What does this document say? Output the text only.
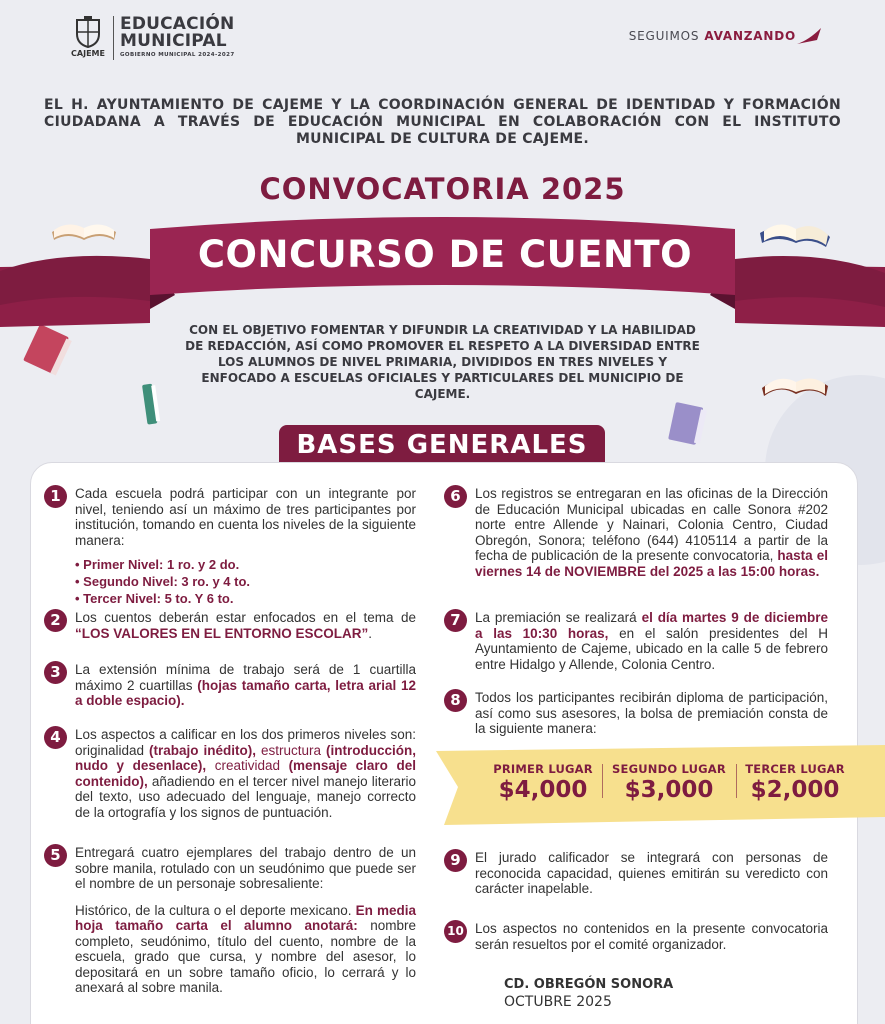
CAJEME
EDUCACIÓN
MUNICIPAL
GOBIERNO MUNICIPAL 2024-2027
SEGUIMOS AVANZANDO

EL H. AYUNTAMIENTO DE CAJEME Y LA COORDINACIÓN GENERAL DE IDENTIDAD Y FORMACIÓN CIUDADANA A TRAVÉS DE EDUCACIÓN MUNICIPAL EN COLABORACIÓN CON EL INSTITUTO MUNICIPAL DE CULTURA DE CAJEME.

CONVOCATORIA 2025
CONCURSO DE CUENTO
CON EL OBJETIVO FOMENTAR Y DIFUNDIR LA CREATIVIDAD Y LA HABILIDAD DE REDACCIÓN, ASÍ COMO PROMOVER EL RESPETO A LA DIVERSIDAD ENTRE LOS ALUMNOS DE NIVEL PRIMARIA, DIVIDIDOS EN TRES NIVELES Y ENFOCADO A ESCUELAS OFICIALES Y PARTICULARES DEL MUNICIPIO DE CAJEME.
BASES GENERALES
1	Cada escuela podrá participar con un integrante por nivel, teniendo así un máximo de tres participantes por institución, tomando en cuenta los niveles de la siguiente manera:
• Primer Nivel: 1 ro. y 2 do.
• Segundo Nivel: 3 ro. y 4 to.
• Tercer Nivel: 5 to. Y 6 to.
2	Los cuentos deberán estar enfocados en el tema de “LOS VALORES EN EL ENTORNO ESCOLAR”.
3	La extensión mínima de trabajo será de 1 cuartilla máximo 2 cuartillas (hojas tamaño carta, letra arial 12 a doble espacio).
4	Los aspectos a calificar en los dos primeros niveles son: originalidad (trabajo inédito), estructura (introducción, nudo y desenlace), creatividad (mensaje claro del contenido), añadiendo en el tercer nivel manejo literario del texto, uso adecuado del lenguaje, manejo correcto de la ortografía y los signos de puntuación.
5	Entregará cuatro ejemplares del trabajo dentro de un sobre manila, rotulado con un seudónimo que puede ser el nombre de un personaje sobresaliente:
Histórico, de la cultura o el deporte mexicano. En media hoja tamaño carta el alumno anotará: nombre completo, seudónimo, título del cuento, nombre de la escuela, grado que cursa, y nombre del asesor, lo depositará en un sobre tamaño oficio, lo cerrará y lo anexará al sobre manila.
6	Los registros se entregaran en las oficinas de la Dirección de Educación Municipal ubicadas en calle Sonora #202 norte entre Allende y Nainari, Colonia Centro, Ciudad Obregón, Sonora; teléfono (644) 4105114 a partir de la fecha de publicación de la presente convocatoria, hasta el viernes 14 de NOVIEMBRE del 2025 a las 15:00 horas.
7	La premiación se realizará el día martes 9 de diciembre a las 10:30 horas, en el salón presidentes del H Ayuntamiento de Cajeme, ubicado en la calle 5 de febrero entre Hidalgo y Allende, Colonia Centro.
8	Todos los participantes recibirán diploma de participación, así como sus asesores, la bolsa de premiación consta de la siguiente manera:
PRIMER LUGAR
$4,000
SEGUNDO LUGAR
$3,000
TERCER LUGAR
$2,000
9	El jurado calificador se integrará con personas de reconocida capacidad, quienes emitirán su veredicto con carácter inapelable.
10 Los aspectos no contenidos en la presente convocatoria serán resueltos por el comité organizador.
CD. OBREGÓN SONORA
OCTUBRE 2025
